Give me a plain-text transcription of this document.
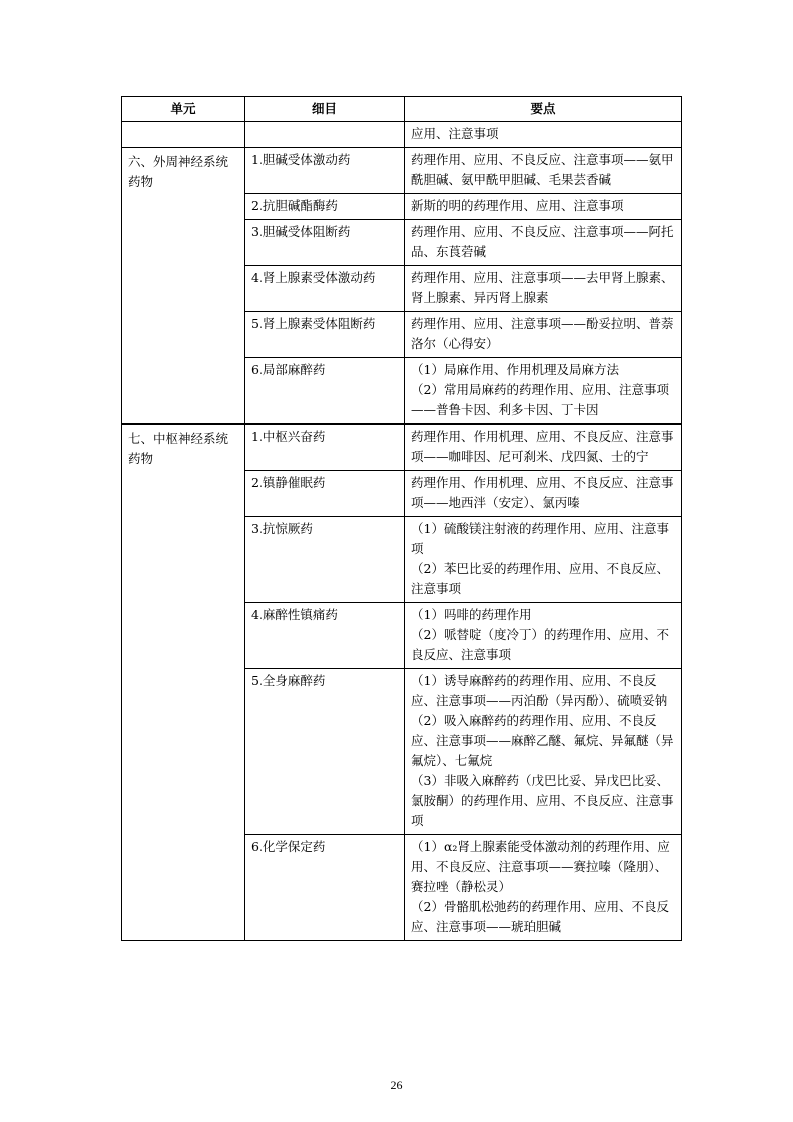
单元	细目	要点
		应用、注意事项
六、外周神经系统药物	1.胆碱受体激动药	药理作用、应用、不良反应、注意事项——氨甲酰胆碱、氨甲酰甲胆碱、毛果芸香碱

	2.抗胆碱酯酶药	新斯的明的药理作用、应用、注意事项

	3.胆碱受体阻断药	药理作用、应用、不良反应、注意事项——阿托品、东莨菪碱

	4.肾上腺素受体激动药	药理作用、应用、注意事项——去甲肾上腺素、肾上腺素、异丙肾上腺素

	5.肾上腺素受体阻断药	药理作用、应用、注意事项——酚妥拉明、普萘洛尔（心得安）

	6.局部麻醉药	（1）局麻作用、作用机理及局麻方法
（2）常用局麻药的药理作用、应用、注意事项——普鲁卡因、利多卡因、丁卡因

七、中枢神经系统药物	1.中枢兴奋药	药理作用、作用机理、应用、不良反应、注意事项——咖啡因、尼可刹米、戊四氮、士的宁

	2.镇静催眠药	药理作用、作用机理、应用、不良反应、注意事项——地西泮（安定）、氯丙嗪

	3.抗惊厥药	（1）硫酸镁注射液的药理作用、应用、注意事项
（2）苯巴比妥的药理作用、应用、不良反应、注意事项

	4.麻醉性镇痛药	（1）吗啡的药理作用
（2）哌替啶（度冷丁）的药理作用、应用、不良反应、注意事项

	5.全身麻醉药	（1）诱导麻醉药的药理作用、应用、不良反应、注意事项——丙泊酚（异丙酚）、硫喷妥钠
（2）吸入麻醉药的药理作用、应用、不良反应、注意事项——麻醉乙醚、氟烷、异氟醚（异氟烷）、七氟烷
（3）非吸入麻醉药（戊巴比妥、异戊巴比妥、氯胺酮）的药理作用、应用、不良反应、注意事项

	6.化学保定药	（1）α₂肾上腺素能受体激动剂的药理作用、应用、不良反应、注意事项——赛拉嗪（隆朋）、赛拉唑（静松灵）
（2）骨骼肌松弛药的药理作用、应用、不良反应、注意事项——琥珀胆碱
26
